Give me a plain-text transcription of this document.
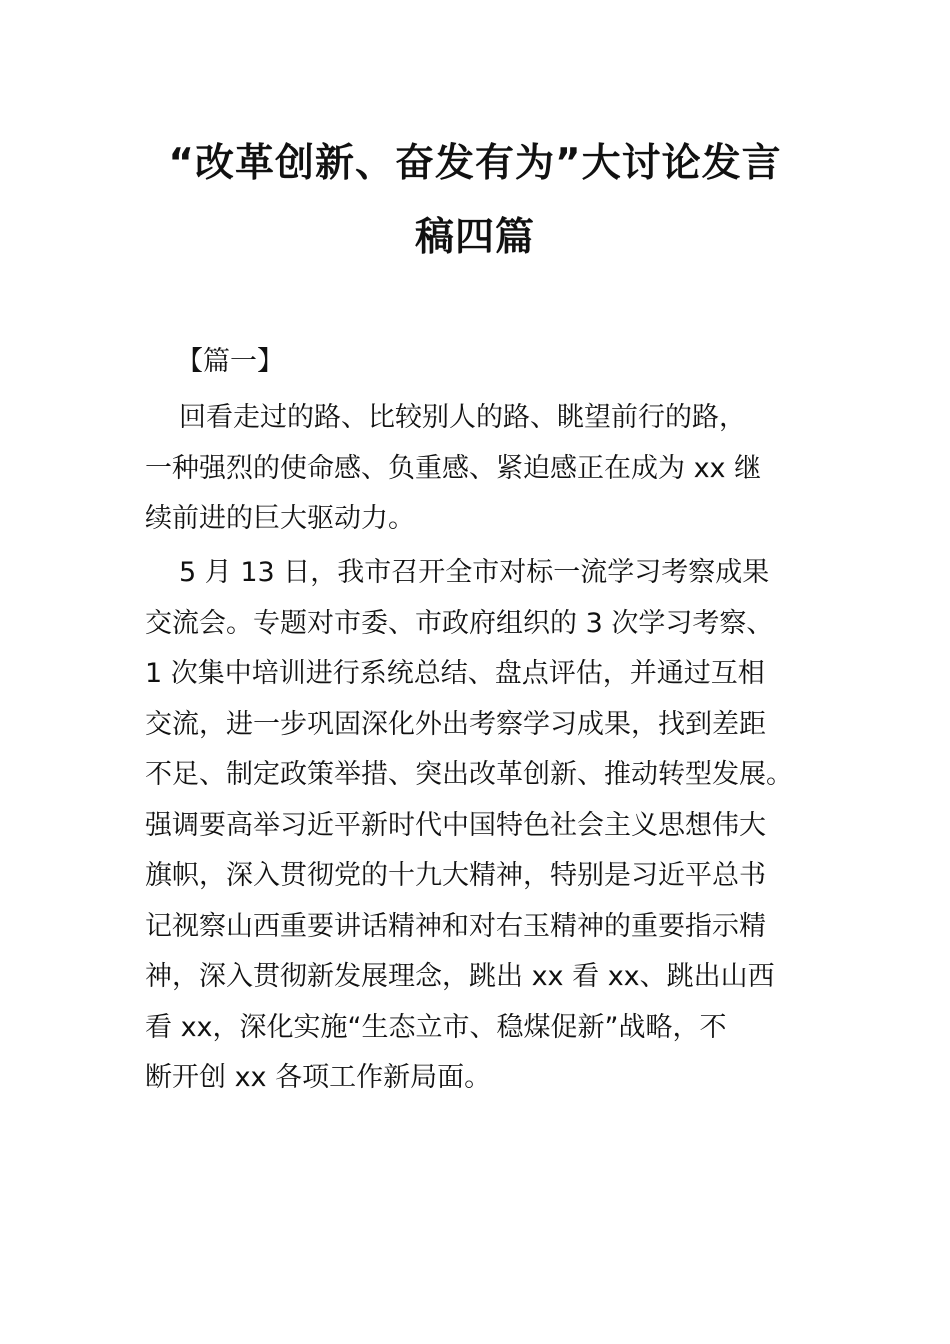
“改革创新、奋发有为”大讨论发言
稿四篇
【篇一】
回看走过的路、比较别人的路、眺望前行的路，
一种强烈的使命感、负重感、紧迫感正在成为 xx 继
续前进的巨大驱动力。
5 月 13 日，我市召开全市对标一流学习考察成果
交流会。专题对市委、市政府组织的 3 次学习考察、
1 次集中培训进行系统总结、盘点评估，并通过互相
交流，进一步巩固深化外出考察学习成果，找到差距
不足、制定政策举措、突出改革创新、推动转型发展。
强调要高举习近平新时代中国特色社会主义思想伟大
旗帜，深入贯彻党的十九大精神，特别是习近平总书
记视察山西重要讲话精神和对右玉精神的重要指示精
神，深入贯彻新发展理念，跳出 xx 看 xx、跳出山西
看 xx，深化实施“生态立市、稳煤促新”战略，不
断开创 xx 各项工作新局面。
